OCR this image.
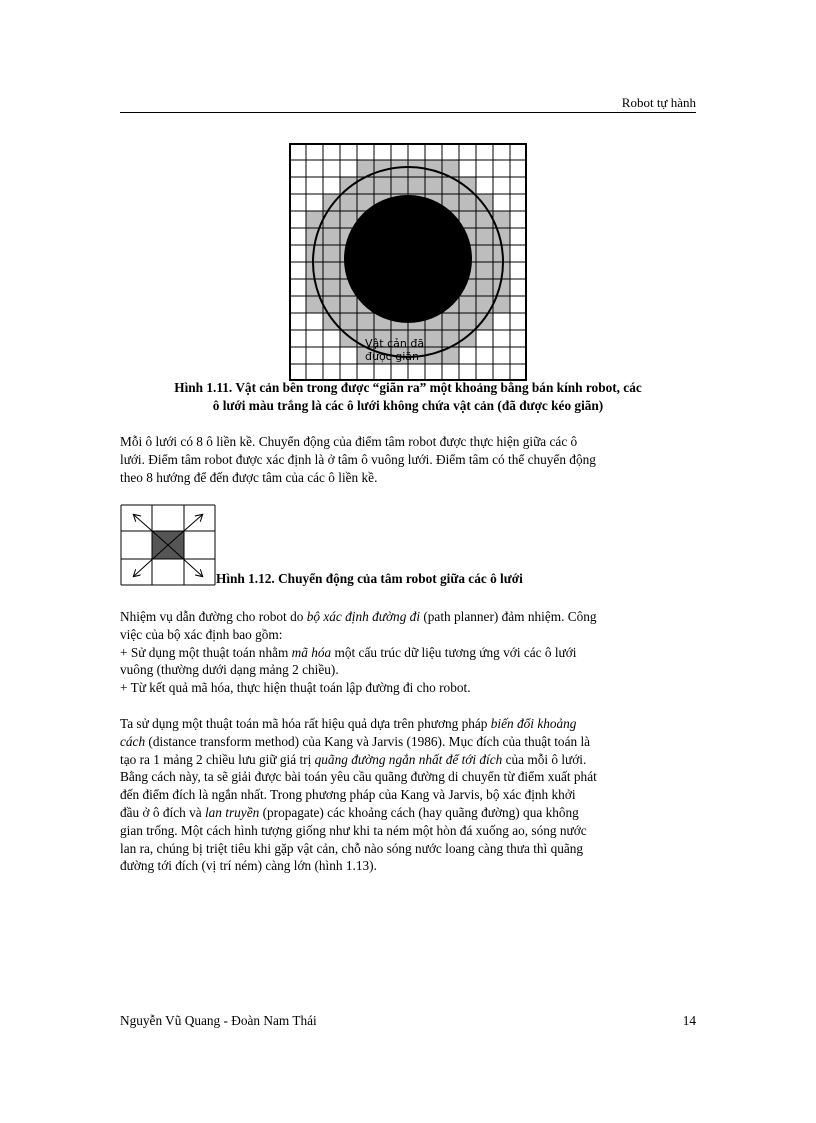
Robot tự hành
Vật cản đã được giãn
Hình 1.11. Vật cản bên trong được “giãn ra” một khoảng bằng bán kính robot, các
ô lưới màu trắng là các ô lưới không chứa vật cản (đã được kéo giãn)
Mỗi ô lưới có 8 ô liền kề. Chuyển động của điểm tâm robot được thực hiện giữa các ô
lưới. Điểm tâm robot được xác định là ở tâm ô vuông lưới. Điểm tâm có thể chuyển động
theo 8 hướng để đến được tâm của các ô liền kề.
Hình 1.12. Chuyển động của tâm robot giữa các ô lưới
Nhiệm vụ dẫn đường cho robot do bộ xác định đường đi (path planner) đảm nhiệm. Công
việc của bộ xác định bao gồm:
+ Sử dụng một thuật toán nhằm mã hóa một cấu trúc dữ liệu tương ứng với các ô lưới
vuông (thường dưới dạng mảng 2 chiều).
+ Từ kết quả mã hóa, thực hiện thuật toán lập đường đi cho robot.
Ta sử dụng một thuật toán mã hóa rất hiệu quả dựa trên phương pháp biến đổi khoảng
cách (distance transform method) của Kang và Jarvis (1986). Mục đích của thuật toán là
tạo ra 1 mảng 2 chiều lưu giữ giá trị quãng đường ngắn nhất để tới đích của mỗi ô lưới.
Bằng cách này, ta sẽ giải được bài toán yêu cầu quãng đường di chuyển từ điểm xuất phát
đến điểm đích là ngắn nhất. Trong phương pháp của Kang và Jarvis, bộ xác định khởi
đầu ở ô đích và lan truyền (propagate) các khoảng cách (hay quãng đường) qua không
gian trống. Một cách hình tượng giống như khi ta ném một hòn đá xuống ao, sóng nước
lan ra, chúng bị triệt tiêu khi gặp vật cản, chỗ nào sóng nước loang càng thưa thì quãng
đường tới đích (vị trí ném) càng lớn (hình 1.13).
Nguyễn Vũ Quang - Đoàn Nam Thái	14
